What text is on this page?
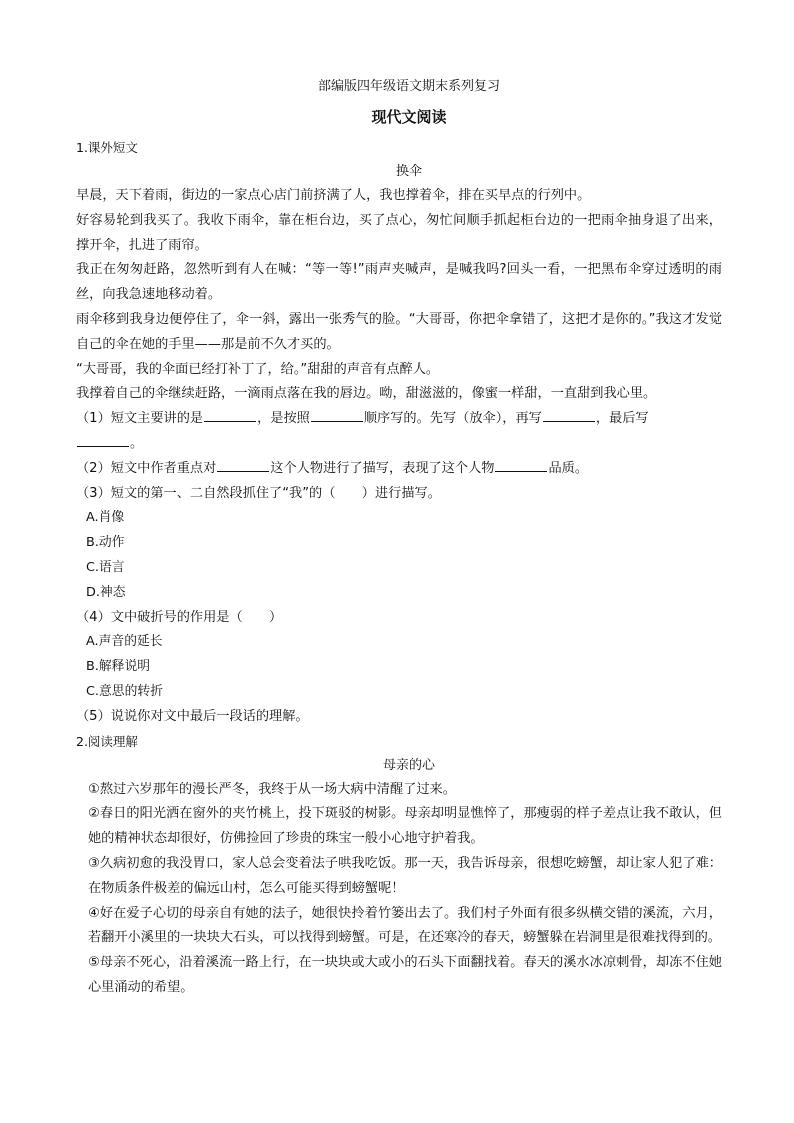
部编版四年级语文期末系列复习
现代文阅读
1.课外短文
换伞

早晨，天下着雨，街边的一家点心店门前挤满了人，我也撑着伞，排在买早点的行列中。

好容易轮到我买了。我收下雨伞，靠在柜台边，买了点心，匆忙间顺手抓起柜台边的一把雨伞抽身退了出来，撑开伞，扎进了雨帘。

我正在匆匆赶路，忽然听到有人在喊：“等一等!”雨声夹喊声，是喊我吗?回头一看，一把黑布伞穿过透明的雨丝，向我急速地移动着。

雨伞移到我身边便停住了，伞一斜，露出一张秀气的脸。“大哥哥，你把伞拿错了，这把才是你的。”我这才发觉自己的伞在她的手里——那是前不久才买的。

“大哥哥，我的伞面已经打补丁了，给。”甜甜的声音有点醉人。

我撑着自己的伞继续赶路，一滴雨点落在我的唇边。呦，甜滋滋的，像蜜一样甜，一直甜到我心里。

（1）短文主要讲的是	，是按照	顺序写的。先写（放伞），再写	，最后写
。

（2）短文中作者重点对	这个人物进行了描写，表现了这个人物	品质。

（3）短文的第一、二自然段抓住了“我”的（　　）进行描写。

A.肖像

B.动作

C.语言

D.神态

（4）文中破折号的作用是（　　）

A.声音的延长

B.解释说明

C.意思的转折

（5）说说你对文中最后一段话的理解。

2.阅读理解
母亲的心

①熬过六岁那年的漫长严冬，我终于从一场大病中清醒了过来。

②春日的阳光洒在窗外的夹竹桃上，投下斑驳的树影。母亲却明显憔悴了，那瘦弱的样子差点让我不敢认，但她的精神状态却很好，仿佛捡回了珍贵的珠宝一般小心地守护着我。

③久病初愈的我没胃口，家人总会变着法子哄我吃饭。那一天，我告诉母亲，很想吃螃蟹，却让家人犯了难：在物质条件极差的偏远山村，怎么可能买得到螃蟹呢！

④好在爱子心切的母亲自有她的法子，她很快拎着竹篓出去了。我们村子外面有很多纵横交错的溪流，六月，若翻开小溪里的一块块大石头，可以找得到螃蟹。可是，在还寒冷的春天，螃蟹躲在岩洞里是很难找得到的。

⑤母亲不死心，沿着溪流一路上行，在一块块或大或小的石头下面翻找着。春天的溪水冰凉刺骨，却冻不住她心里涌动的希望。
